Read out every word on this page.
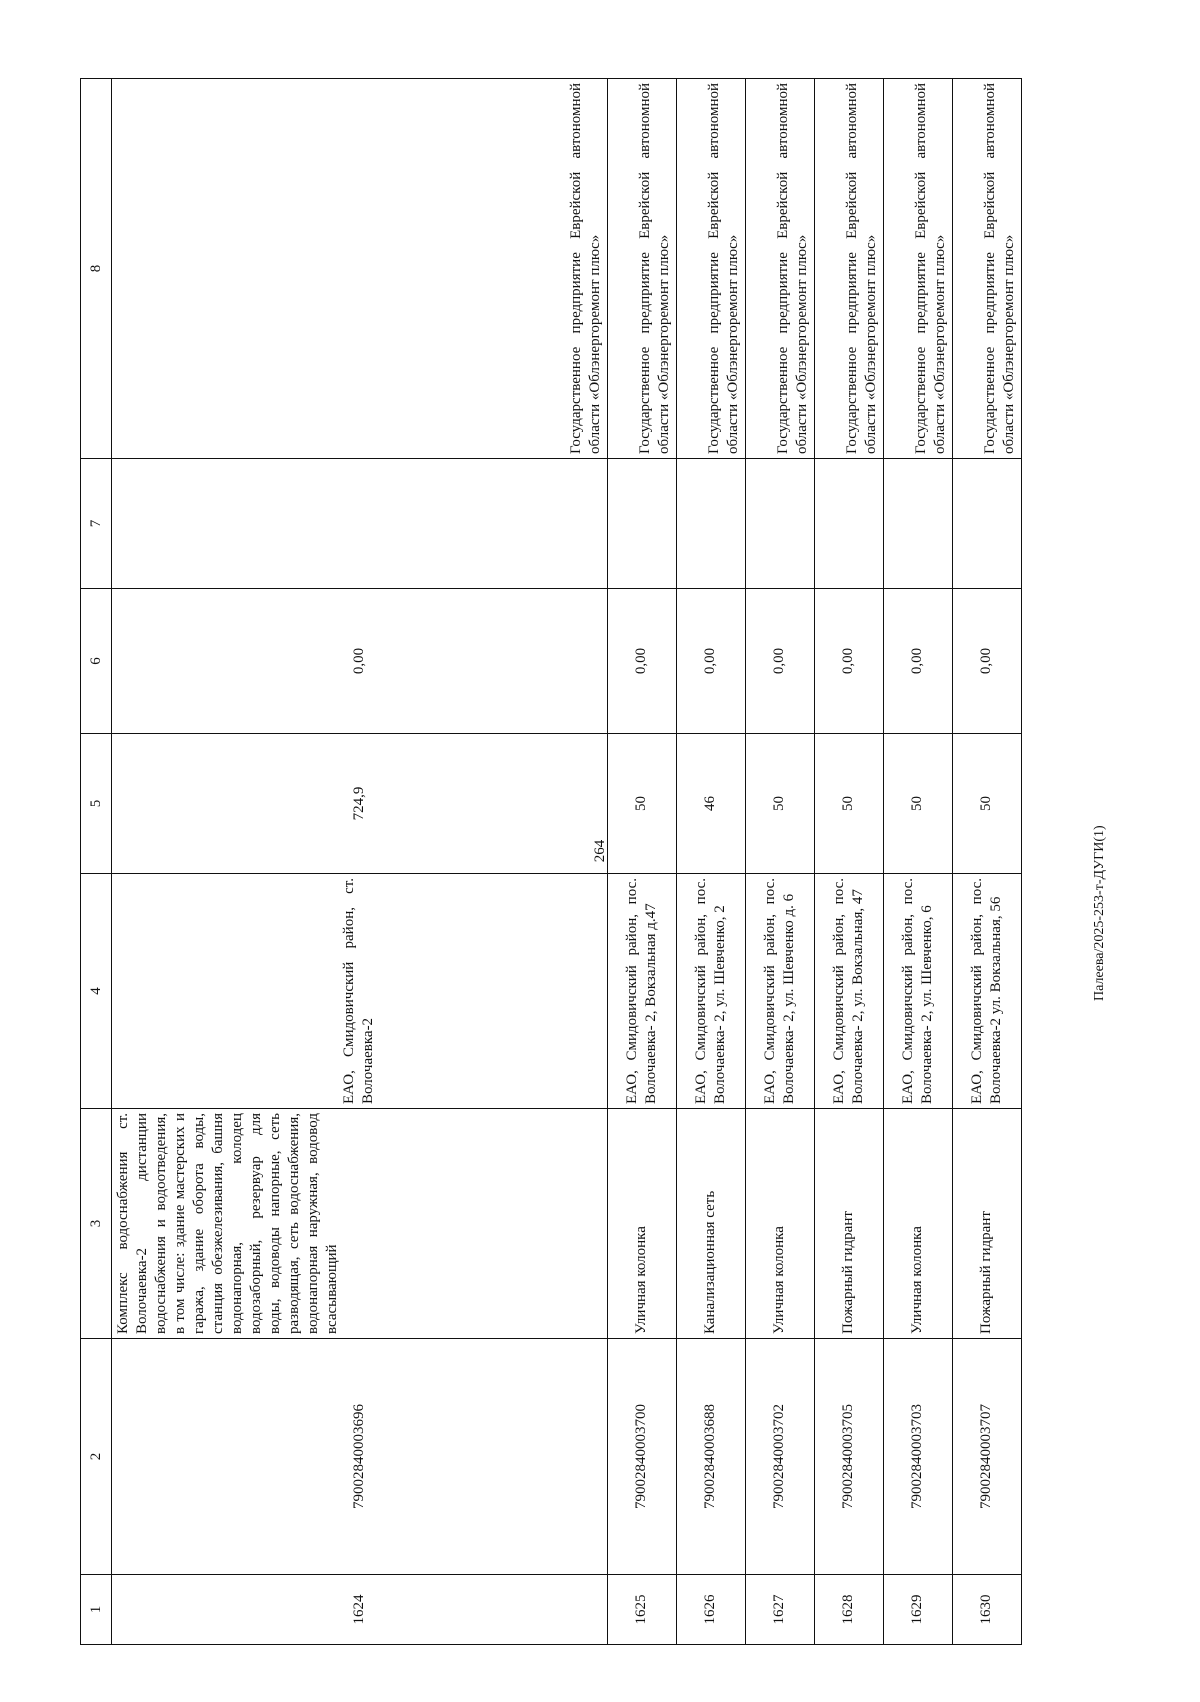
264
1	2	3	4	5	6	7	8
1624	79002840003696	Комплекс водоснабжения ст. Волочаевка-2 дистанции водоснабжения и водоотведения, в том числе: здание мастерских и гаража, здание оборота воды, станция обезжелезивания, башня водонапорная, колодец водозаборный, резервуар для воды, водоводы напорные, сеть разводящая, сеть водоснабжения, водонапорная наружная, водовод всасывающий	ЕАО, Смидовичский район, ст. Волочаевка-2	724,9	0,00		Государственное предприятие Еврейской автономной области «Облэнергоремонт плюс»
1625	79002840003700	Уличная колонка	ЕАО, Смидовичский район, пос. Волочаевка- 2, Вокзальная д.47	50	0,00		Государственное предприятие Еврейской автономной области «Облэнергоремонт плюс»
1626	79002840003688	Канализационная сеть	ЕАО, Смидовичский район, пос. Волочаевка- 2, ул. Шевченко, 2	46	0,00		Государственное предприятие Еврейской автономной области «Облэнергоремонт плюс»
1627	79002840003702	Уличная колонка	ЕАО, Смидовичский район, пос. Волочаевка- 2, ул. Шевченко д. 6	50	0,00		Государственное предприятие Еврейской автономной области «Облэнергоремонт плюс»
1628	79002840003705	Пожарный гидрант	ЕАО, Смидовичский район, пос. Волочаевка- 2, ул. Вокзальная, 47	50	0,00		Государственное предприятие Еврейской автономной области «Облэнергоремонт плюс»
1629	79002840003703	Уличная колонка	ЕАО, Смидовичский район, пос. Волочаевка- 2, ул. Шевченко, 6	50	0,00		Государственное предприятие Еврейской автономной области «Облэнергоремонт плюс»
1630	79002840003707	Пожарный гидрант	ЕАО, Смидовичский район, пос. Волочаевка-2 ул. Вокзальная, 56	50	0,00		Государственное предприятие Еврейской автономной области «Облэнергоремонт плюс»
Палеева/2025-253-т-ДУГИ(1)
